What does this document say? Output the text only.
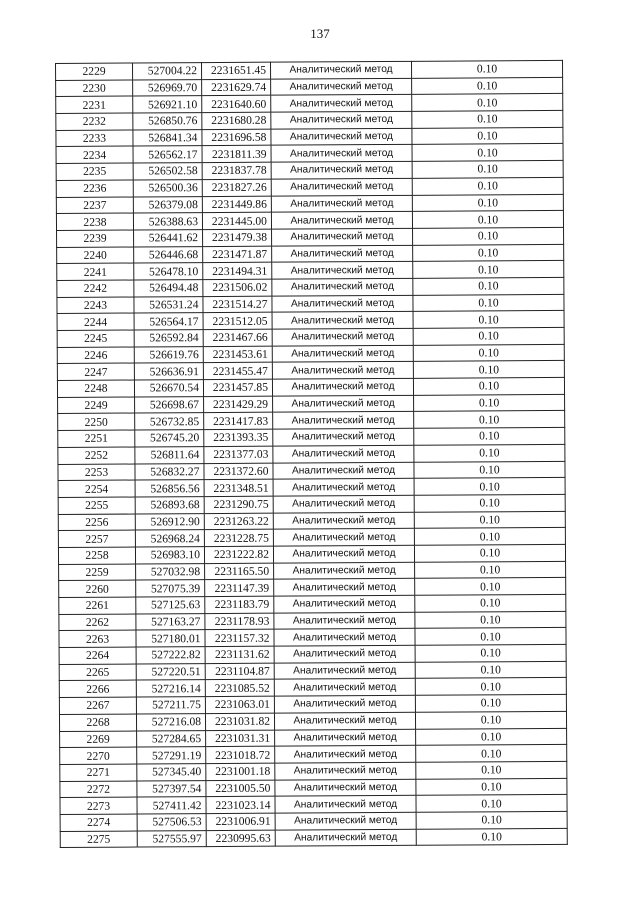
137
2229	527004.22	2231651.45	Аналитический метод	0.10
2230	526969.70	2231629.74	Аналитический метод	0.10
2231	526921.10	2231640.60	Аналитический метод	0.10
2232	526850.76	2231680.28	Аналитический метод	0.10
2233	526841.34	2231696.58	Аналитический метод	0.10
2234	526562.17	2231811.39	Аналитический метод	0.10
2235	526502.58	2231837.78	Аналитический метод	0.10
2236	526500.36	2231827.26	Аналитический метод	0.10
2237	526379.08	2231449.86	Аналитический метод	0.10
2238	526388.63	2231445.00	Аналитический метод	0.10
2239	526441.62	2231479.38	Аналитический метод	0.10
2240	526446.68	2231471.87	Аналитический метод	0.10
2241	526478.10	2231494.31	Аналитический метод	0.10
2242	526494.48	2231506.02	Аналитический метод	0.10
2243	526531.24	2231514.27	Аналитический метод	0.10
2244	526564.17	2231512.05	Аналитический метод	0.10
2245	526592.84	2231467.66	Аналитический метод	0.10
2246	526619.76	2231453.61	Аналитический метод	0.10
2247	526636.91	2231455.47	Аналитический метод	0.10
2248	526670.54	2231457.85	Аналитический метод	0.10
2249	526698.67	2231429.29	Аналитический метод	0.10
2250	526732.85	2231417.83	Аналитический метод	0.10
2251	526745.20	2231393.35	Аналитический метод	0.10
2252	526811.64	2231377.03	Аналитический метод	0.10
2253	526832.27	2231372.60	Аналитический метод	0.10
2254	526856.56	2231348.51	Аналитический метод	0.10
2255	526893.68	2231290.75	Аналитический метод	0.10
2256	526912.90	2231263.22	Аналитический метод	0.10
2257	526968.24	2231228.75	Аналитический метод	0.10
2258	526983.10	2231222.82	Аналитический метод	0.10
2259	527032.98	2231165.50	Аналитический метод	0.10
2260	527075.39	2231147.39	Аналитический метод	0.10
2261	527125.63	2231183.79	Аналитический метод	0.10
2262	527163.27	2231178.93	Аналитический метод	0.10
2263	527180.01	2231157.32	Аналитический метод	0.10
2264	527222.82	2231131.62	Аналитический метод	0.10
2265	527220.51	2231104.87	Аналитический метод	0.10
2266	527216.14	2231085.52	Аналитический метод	0.10
2267	527211.75	2231063.01	Аналитический метод	0.10
2268	527216.08	2231031.82	Аналитический метод	0.10
2269	527284.65	2231031.31	Аналитический метод	0.10
2270	527291.19	2231018.72	Аналитический метод	0.10
2271	527345.40	2231001.18	Аналитический метод	0.10
2272	527397.54	2231005.50	Аналитический метод	0.10
2273	527411.42	2231023.14	Аналитический метод	0.10
2274	527506.53	2231006.91	Аналитический метод	0.10
2275	527555.97	2230995.63	Аналитический метод	0.10
